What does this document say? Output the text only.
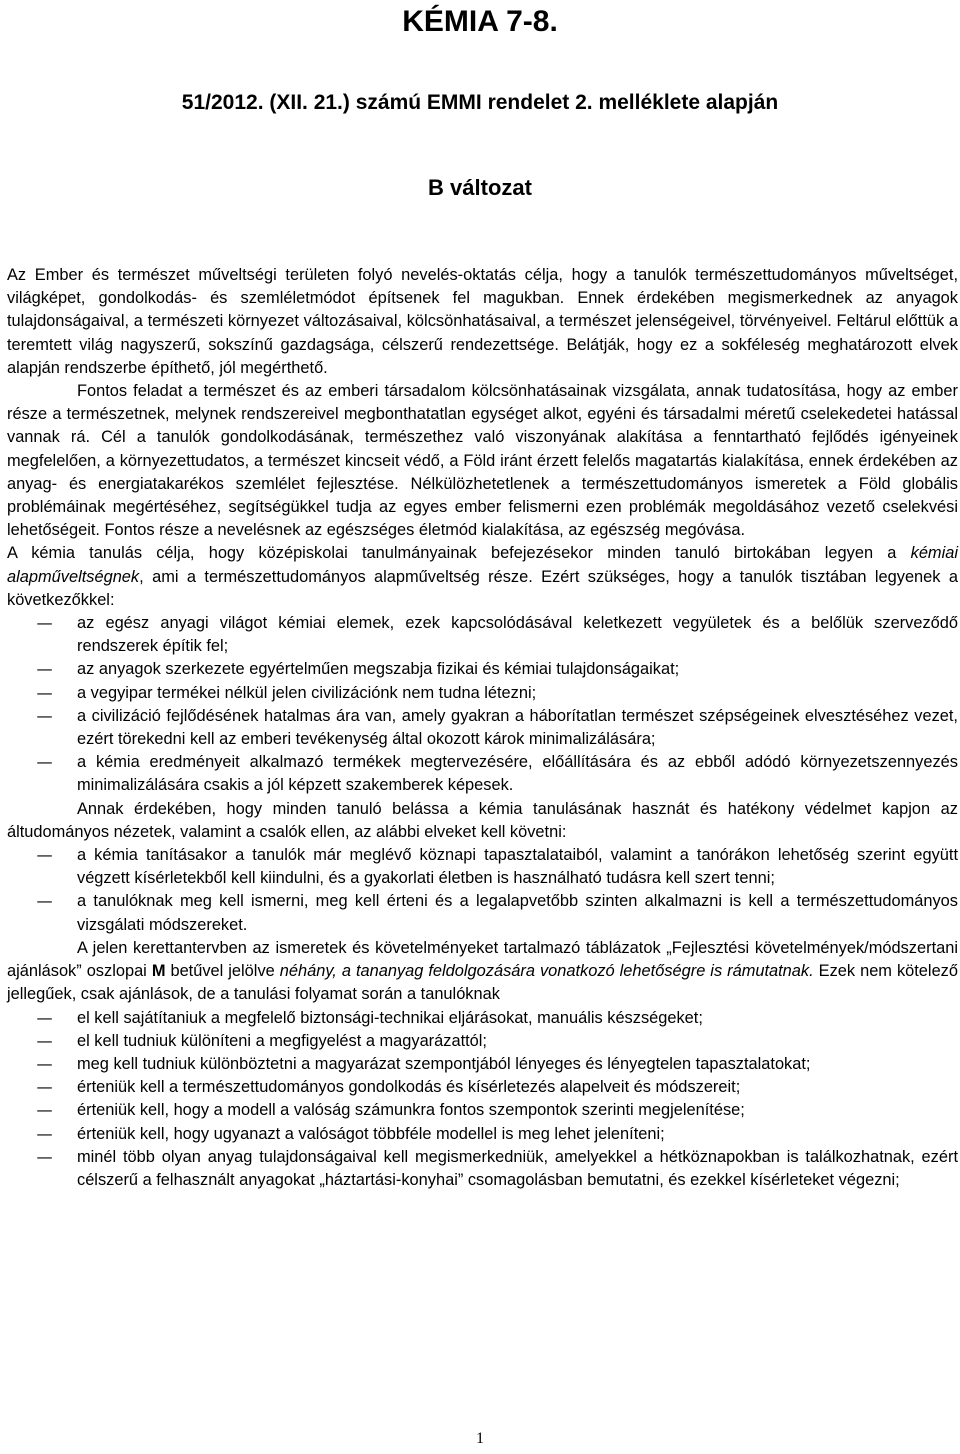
KÉMIA 7-8.
51/2012. (XII. 21.) számú EMMI rendelet 2. melléklete alapján
B változat

Az Ember és természet műveltségi területen folyó nevelés-oktatás célja, hogy a tanulók természettudományos műveltséget, világképet, gondolkodás- és szemléletmódot építsenek fel magukban. Ennek érdekében megismerkednek az anyagok tulajdonságaival, a természeti környezet változásaival, kölcsönhatásaival, a természet jelenségeivel, törvényeivel. Feltárul előttük a teremtett világ nagyszerű, sokszínű gazdagsága, célszerű rendezettsége. Belátják, hogy ez a sokféleség meghatározott elvek alapján rendszerbe építhető, jól megérthető.

Fontos feladat a természet és az emberi társadalom kölcsönhatásainak vizsgálata, annak tudatosítása, hogy az ember része a természetnek, melynek rendszereivel megbonthatatlan egységet alkot, egyéni és társadalmi méretű cselekedetei hatással vannak rá. Cél a tanulók gondolkodásának, természethez való viszonyának alakítása a fenntartható fejlődés igényeinek megfelelően, a környezettudatos, a természet kincseit védő, a Föld iránt érzett felelős magatartás kialakítása, ennek érdekében az anyag- és energiatakarékos szemlélet fejlesztése. Nélkülözhetetlenek a természettudományos ismeretek a Föld globális problémáinak megértéséhez, segítségükkel tudja az egyes ember felismerni ezen problémák megoldásához vezető cselekvési lehetőségeit. Fontos része a nevelésnek az egészséges életmód kialakítása, az egészség megóvása.

A kémia tanulás célja, hogy középiskolai tanulmányainak befejezésekor minden tanuló birtokában legyen a kémiai alapműveltségnek, ami a természettudományos alapműveltség része. Ezért szükséges, hogy a tanulók tisztában legyenek a következőkkel:

– az egész anyagi világot kémiai elemek, ezek kapcsolódásával keletkezett vegyületek és a belőlük szerveződő rendszerek építik fel;
– az anyagok szerkezete egyértelműen megszabja fizikai és kémiai tulajdonságaikat;
– a vegyipar termékei nélkül jelen civilizációnk nem tudna létezni;
– a civilizáció fejlődésének hatalmas ára van, amely gyakran a háborítatlan természet szépségeinek elvesztéséhez vezet, ezért törekedni kell az emberi tevékenység által okozott károk minimalizálására;
– a kémia eredményeit alkalmazó termékek megtervezésére, előállítására és az ebből adódó környezetszennyezés minimalizálására csakis a jól képzett szakemberek képesek.

Annak érdekében, hogy minden tanuló belássa a kémia tanulásának hasznát és hatékony védelmet kapjon az áltudományos nézetek, valamint a csalók ellen, az alábbi elveket kell követni:

– a kémia tanításakor a tanulók már meglévő köznapi tapasztalataiból, valamint a tanórákon lehetőség szerint együtt végzett kísérletekből kell kiindulni, és a gyakorlati életben is használható tudásra kell szert tenni;
– a tanulóknak meg kell ismerni, meg kell érteni és a legalapvetőbb szinten alkalmazni is kell a természettudományos vizsgálati módszereket.

A jelen kerettantervben az ismeretek és követelményeket tartalmazó táblázatok „Fejlesztési követelmények/módszertani ajánlások” oszlopai M betűvel jelölve néhány, a tananyag feldolgozására vonatkozó lehetőségre is rámutatnak. Ezek nem kötelező jellegűek, csak ajánlások, de a tanulási folyamat során a tanulóknak

– el kell sajátítaniuk a megfelelő biztonsági-technikai eljárásokat, manuális készségeket;
– el kell tudniuk különíteni a megfigyelést a magyarázattól;
– meg kell tudniuk különböztetni a magyarázat szempontjából lényeges és lényegtelen tapasztalatokat;
– érteniük kell a természettudományos gondolkodás és kísérletezés alapelveit és módszereit;
– érteniük kell, hogy a modell a valóság számunkra fontos szempontok szerinti megjelenítése;
– érteniük kell, hogy ugyanazt a valóságot többféle modellel is meg lehet jeleníteni;
– minél több olyan anyag tulajdonságaival kell megismerkedniük, amelyekkel a hétköznapokban is találkozhatnak, ezért célszerű a felhasznált anyagokat „háztartási-konyhai” csomagolásban bemutatni, és ezekkel kísérleteket végezni;
1
